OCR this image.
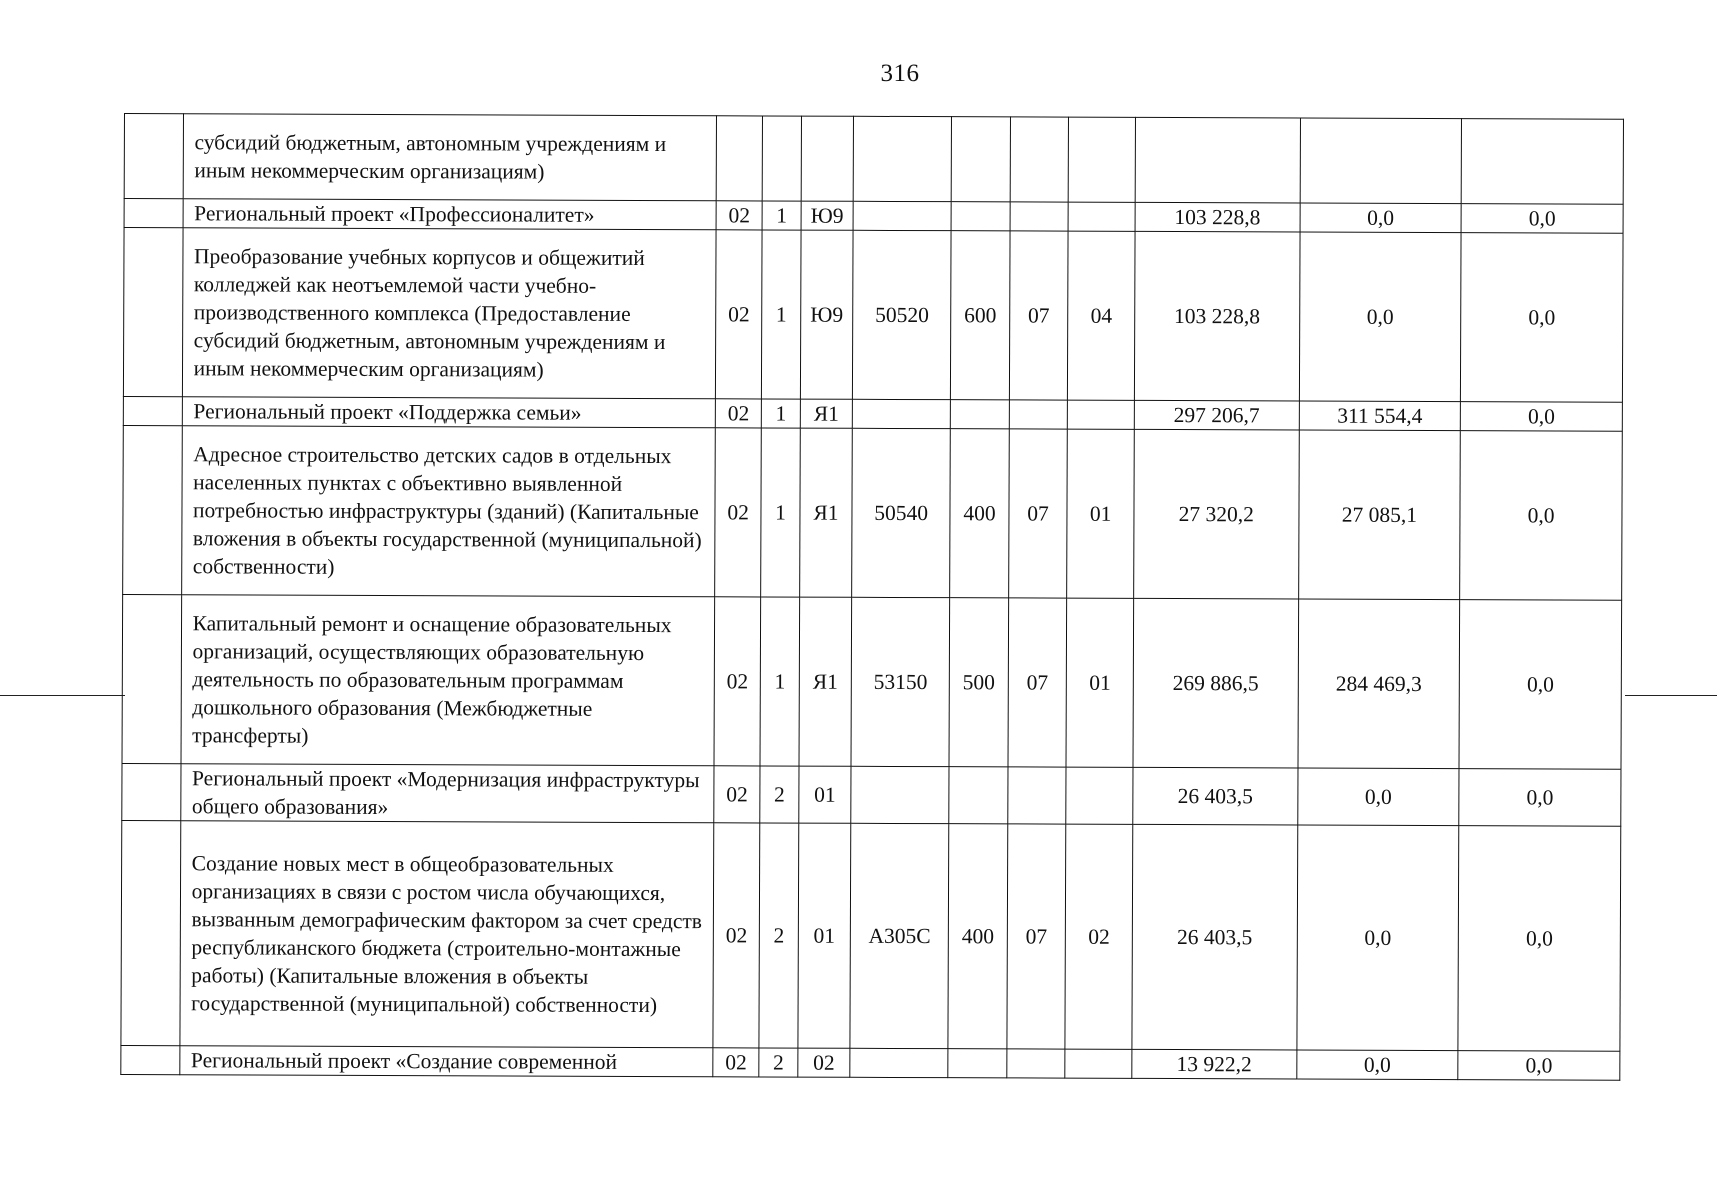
316
	субсидий бюджетным, автономным учреждениям и иным некоммерческим организациям)										
	Региональный проект «Профессионалитет»	02	1	Ю9					103 228,8	0,0	0,0
	Преобразование учебных корпусов и общежитий колледжей как неотъемлемой части учебно-производственного комплекса (Предоставление субсидий бюджетным, автономным учреждениям и иным некоммерческим организациям)	02	1	Ю9	50520	600	07	04	103 228,8	0,0	0,0
	Региональный проект «Поддержка семьи»	02	1	Я1					297 206,7	311 554,4	0,0
	Адресное строительство детских садов в отдельных населенных пунктах с объективно выявленной потребностью инфраструктуры (зданий) (Капитальные вложения в объекты государственной (муниципальной) собственности)	02	1	Я1	50540	400	07	01	27 320,2	27 085,1	0,0
	Капитальный ремонт и оснащение образовательных организаций, осуществляющих образовательную деятельность по образовательным программам дошкольного образования (Межбюджетные трансферты)	02	1	Я1	53150	500	07	01	269 886,5	284 469,3	0,0
	Региональный проект «Модернизация инфраструктуры общего образования»	02	2	01					26 403,5	0,0	0,0
	Создание новых мест в общеобразовательных организациях в связи с ростом числа обучающихся, вызванным демографическим фактором за счет средств республиканского бюджета (строительно-монтажные работы) (Капитальные вложения в объекты государственной (муниципальной) собственности)	02	2	01	А305С	400	07	02	26 403,5	0,0	0,0
	Региональный проект «Создание современной	02	2	02					13 922,2	0,0	0,0
